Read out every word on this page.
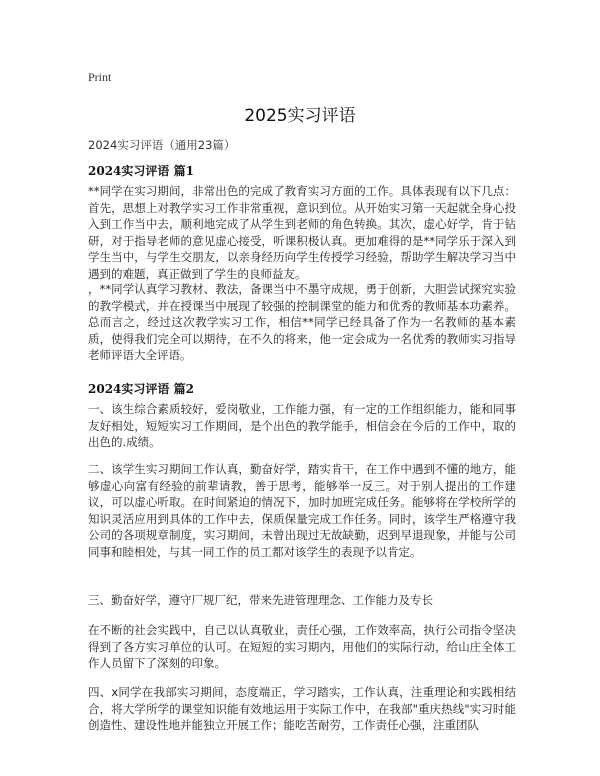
Print
2025实习评语
2024实习评语（通用23篇）
2024实习评语 篇1
**同学在实习期间，非常出色的完成了教育实习方面的工作。具体表现有以下几点：首先，思想上对教学实习工作非常重视，意识到位。从开始实习第一天起就全身心投入到工作当中去，顺利地完成了从学生到老师的角色转换。其次，虚心好学，肯于钻研，对于指导老师的意见虚心接受，听课积极认真。更加难得的是**同学乐于深入到学生当中，与学生交朋友，以亲身经历向学生传授学习经验，帮助学生解决学习当中遇到的难题，真正做到了学生的良师益友。
，**同学认真学习教材、教法，备课当中不墨守成规，勇于创新，大胆尝试探究实验的教学模式，并在授课当中展现了较强的控制课堂的能力和优秀的教师基本功素养。总而言之，经过这次教学实习工作，相信**同学已经具备了作为一名教师的基本素质，使得我们完全可以期待，在不久的将来，他一定会成为一名优秀的教师实习指导老师评语大全评语。
2024实习评语 篇2
一、该生综合素质较好，爱岗敬业，工作能力强，有一定的工作组织能力，能和同事友好相处，短短实习工作期间，是个出色的教学能手，相信会在今后的工作中，取的出色的.成绩。
二、该学生实习期间工作认真，勤奋好学，踏实肯干，在工作中遇到不懂的地方，能够虚心向富有经验的前辈请教，善于思考，能够举一反三。对于别人提出的工作建议，可以虚心听取。在时间紧迫的情况下，加时加班完成任务。能够将在学校所学的知识灵活应用到具体的工作中去，保质保量完成工作任务。同时，该学生严格遵守我公司的各项规章制度，实习期间，未曾出现过无故缺勤，迟到早退现象，并能与公司同事和睦相处，与其一同工作的员工都对该学生的表现予以肯定。
三、勤奋好学，遵守厂规厂纪，带来先进管理理念、工作能力及专长
在不断的社会实践中，自己以认真敬业，责任心强，工作效率高，执行公司指令坚决得到了各方实习单位的认可。在短短的实习期内，用他们的实际行动，给山庄全体工作人员留下了深刻的印象。
四、x同学在我部实习期间，态度端正，学习踏实，工作认真，注重理论和实践相结合，将大学所学的课堂知识能有效地运用于实际工作中，在我部"重庆热线"实习时能创造性、建设性地并能独立开展工作；能吃苦耐劳，工作责任心强，注重团队
